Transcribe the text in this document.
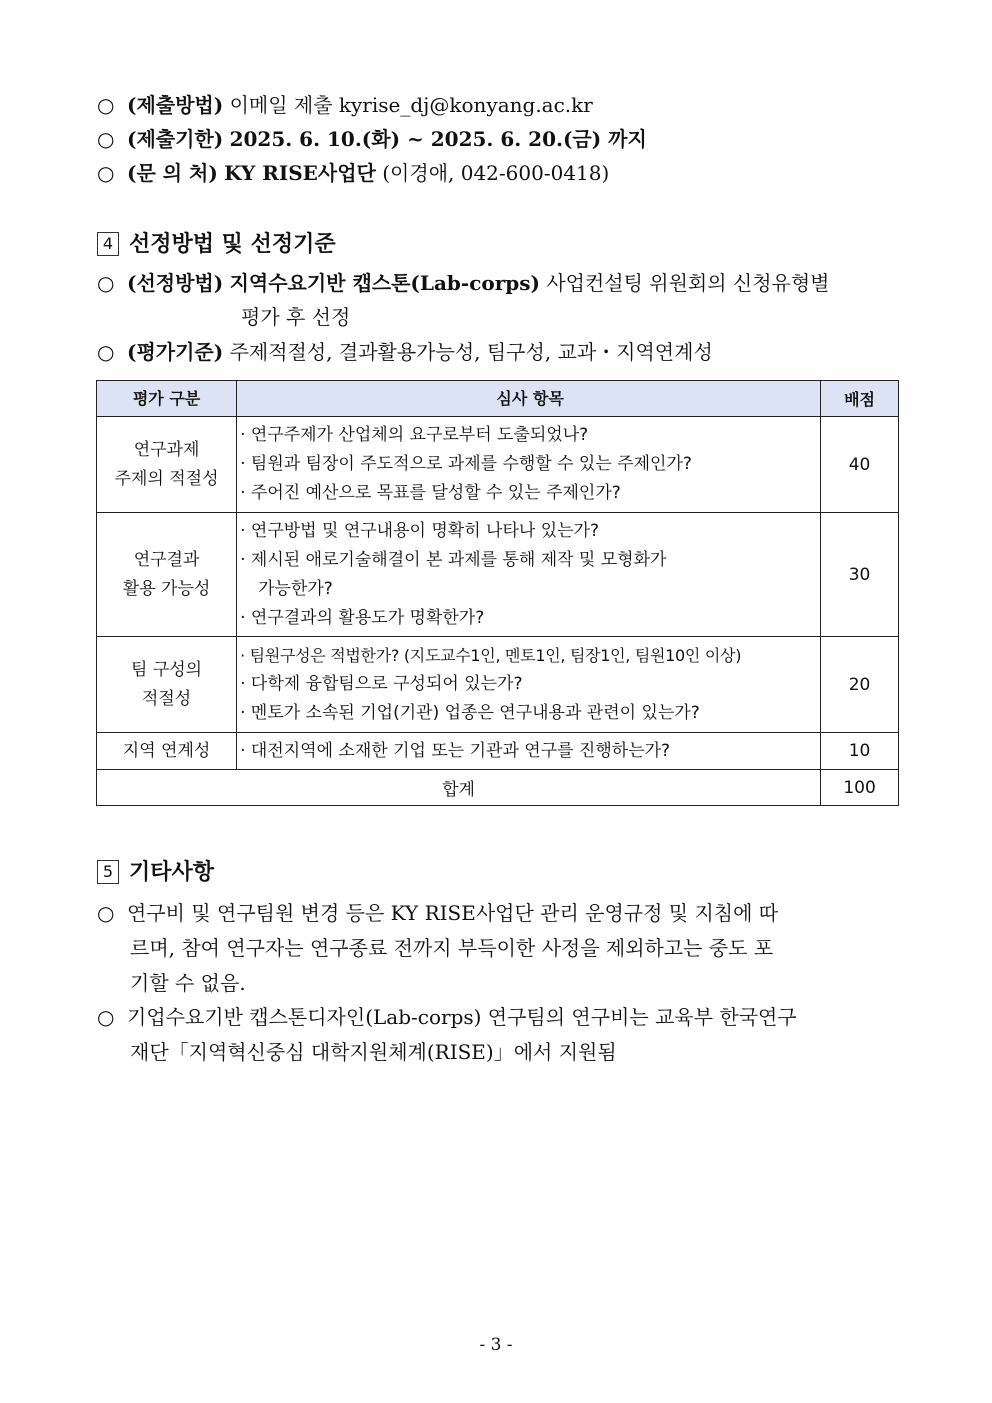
○ (제출방법) 이메일 제출 kyrise_dj@konyang.ac.kr
○ (제출기한) 2025. 6. 10.(화) ~ 2025. 6. 20.(금) 까지
○ (문 의 처) KY RISE사업단 (이경애, 042-600-0418)
4 선정방법 및 선정기준
○ (선정방법) 지역수요기반 캡스톤(Lab-corps) 사업컨설팅 위원회의 신청유형별
평가 후 선정
○ (평가기준) 주제적절성, 결과활용가능성, 팀구성, 교과・지역연계성
평가 구분	심사 항목	배점

연구과제
주제의 적절성	· 연구주제가 산업체의 요구로부터 도출되었나?
· 팀원과 팀장이 주도적으로 과제를 수행할 수 있는 주제인가?
· 주어진 예산으로 목표를 달성할 수 있는 주제인가?	40

연구결과
활용 가능성	· 연구방법 및 연구내용이 명확히 나타나 있는가?
· 제시된 애로기술해결이 본 과제를 통해 제작 및 모형화가
가능한가?
· 연구결과의 활용도가 명확한가?	30

팀 구성의
적절성	· 팀원구성은 적법한가? (지도교수1인, 멘토1인, 팀장1인, 팀원10인 이상)
· 다학제 융합팀으로 구성되어 있는가?
· 멘토가 소속된 기업(기관) 업종은 연구내용과 관련이 있는가?	20
지역 연계성	· 대전지역에 소재한 기업 또는 기관과 연구를 진행하는가?	10
합계		100
5 기타사항
○ 연구비 및 연구팀원 변경 등은 KY RISE사업단 관리 운영규정 및 지침에 따
르며, 참여 연구자는 연구종료 전까지 부득이한 사정을 제외하고는 중도 포
기할 수 없음.
○ 기업수요기반 캡스톤디자인(Lab-corps) 연구팀의 연구비는 교육부 한국연구
재단「지역혁신중심 대학지원체계(RISE)」에서 지원됨
- 3 -
